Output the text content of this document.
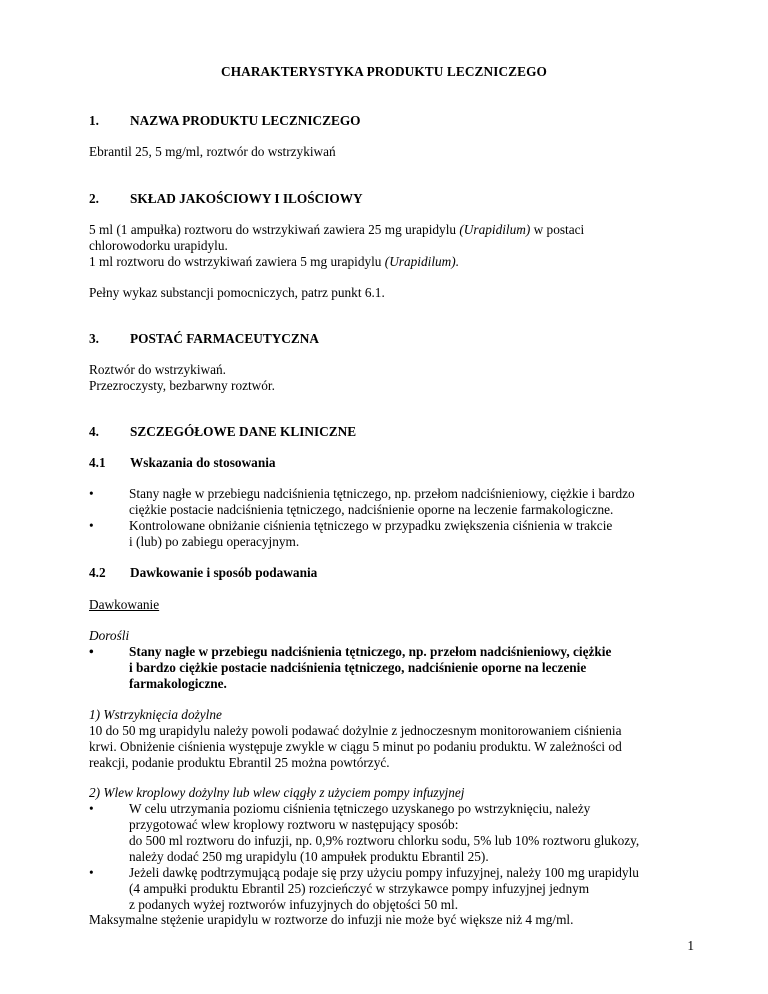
CHARAKTERYSTYKA PRODUKTU LECZNICZEGO
1. NAZWA PRODUKTU LECZNICZEGO
Ebrantil 25, 5 mg/ml, roztwór do wstrzykiwań
2. SKŁAD JAKOŚCIOWY I ILOŚCIOWY

5 ml (1 ampułka) roztworu do wstrzykiwań zawiera 25 mg urapidylu (Urapidilum) w postaci

chlorowodorku urapidylu.

1 ml roztworu do wstrzykiwań zawiera 5 mg urapidylu (Urapidilum).

Pełny wykaz substancji pomocniczych, patrz punkt 6.1.
3. POSTAĆ FARMACEUTYCZNA

Roztwór do wstrzykiwań.

Przezroczysty, bezbarwny roztwór.

4. SZCZEGÓŁOWE DANE KLINICZNE
4.1 Wskazania do stosowania
•	Stany nagłe w przebiegu nadciśnienia tętniczego, np. przełom nadciśnieniowy, ciężkie i bardzo

ciężkie postacie nadciśnienia tętniczego, nadciśnienie oporne na leczenie farmakologiczne.

•	Kontrolowane obniżanie ciśnienia tętniczego w przypadku zwiększenia ciśnienia w trakcie

i (lub) po zabiegu operacyjnym.

4.2 Dawkowanie i sposób podawania
Dawkowanie
Dorośli
•	Stany nagłe w przebiegu nadciśnienia tętniczego, np. przełom nadciśnieniowy, ciężkie

i bardzo ciężkie postacie nadciśnienia tętniczego, nadciśnienie oporne na leczenie

farmakologiczne.

1) Wstrzyknięcia dożylne

10 do 50 mg urapidylu należy powoli podawać dożylnie z jednoczesnym monitorowaniem ciśnienia

krwi. Obniżenie ciśnienia występuje zwykle w ciągu 5 minut po podaniu produktu. W zależności od

reakcji, podanie produktu Ebrantil 25 można powtórzyć.

2) Wlew kroplowy dożylny lub wlew ciągły z użyciem pompy infuzyjnej
•	W celu utrzymania poziomu ciśnienia tętniczego uzyskanego po wstrzyknięciu, należy

przygotować wlew kroplowy roztworu w następujący sposób:

do 500 ml roztworu do infuzji, np. 0,9% roztworu chlorku sodu, 5% lub 10% roztworu glukozy,

należy dodać 250 mg urapidylu (10 ampułek produktu Ebrantil 25).

•	Jeżeli dawkę podtrzymującą podaje się przy użyciu pompy infuzyjnej, należy 100 mg urapidylu

(4 ampułki produktu Ebrantil 25) rozcieńczyć w strzykawce pompy infuzyjnej jednym

z podanych wyżej roztworów infuzyjnych do objętości 50 ml.

Maksymalne stężenie urapidylu w roztworze do infuzji nie może być większe niż 4 mg/ml.
1
